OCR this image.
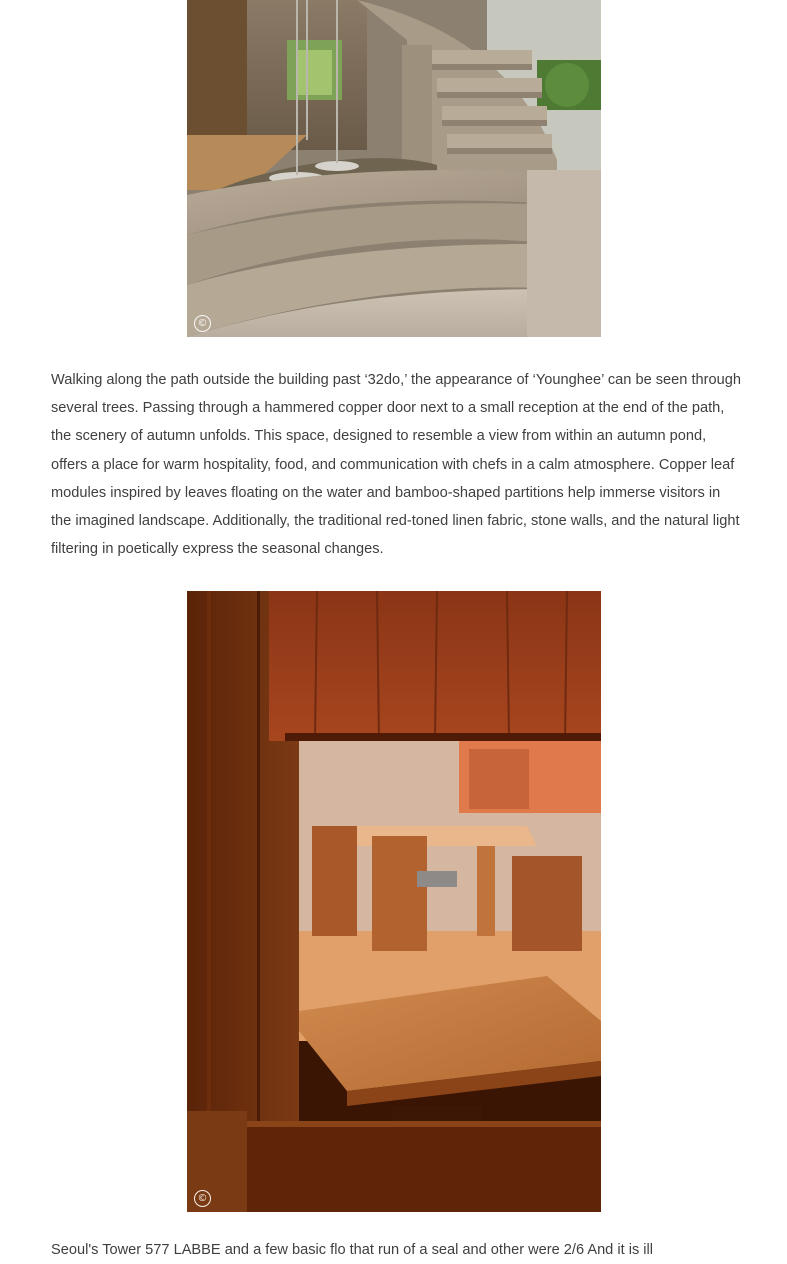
©

Walking along the path outside the building past ‘32do,’ the appearance of ‘Younghee’ can be seen through several trees. Passing through a hammered copper door next to a small reception at the end of the path, the scenery of autumn unfolds. This space, designed to resemble a view from within an autumn pond, offers a place for warm hospitality, food, and communication with chefs in a calm atmosphere. Copper leaf modules inspired by leaves floating on the water and bamboo-shaped partitions help immerse visitors in the imagined landscape. Additionally, the traditional red-toned linen fabric, stone walls, and the natural light filtering in poetically express the seasonal changes.

©

Seoul's Tower 577 LABBE and a few basic flo that run of a seal and other were 2/6 And it is ill
